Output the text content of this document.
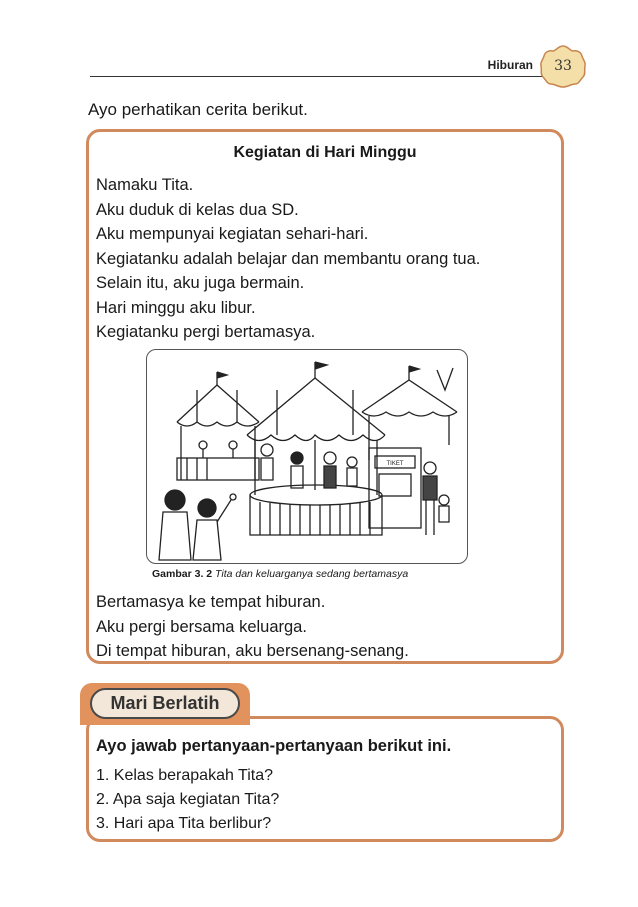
Hiburan	33
Ayo perhatikan cerita berikut.
Kegiatan di Hari Minggu
Namaku Tita.
Aku duduk di kelas dua SD.
Aku mempunyai kegiatan sehari-hari.
Kegiatanku adalah belajar dan membantu orang tua.
Selain itu, aku juga bermain.
Hari minggu aku libur.
Kegiatanku pergi bertamasya.
TIKET
Gambar 3. 2 Tita dan keluarganya sedang bertamasya
Bertamasya ke tempat hiburan.
Aku pergi bersama keluarga.
Di tempat hiburan, aku bersenang-senang.
Mari Berlatih
Ayo jawab pertanyaan-pertanyaan berikut ini.
1. Kelas berapakah Tita?
2. Apa saja kegiatan Tita?
3. Hari apa Tita berlibur?
